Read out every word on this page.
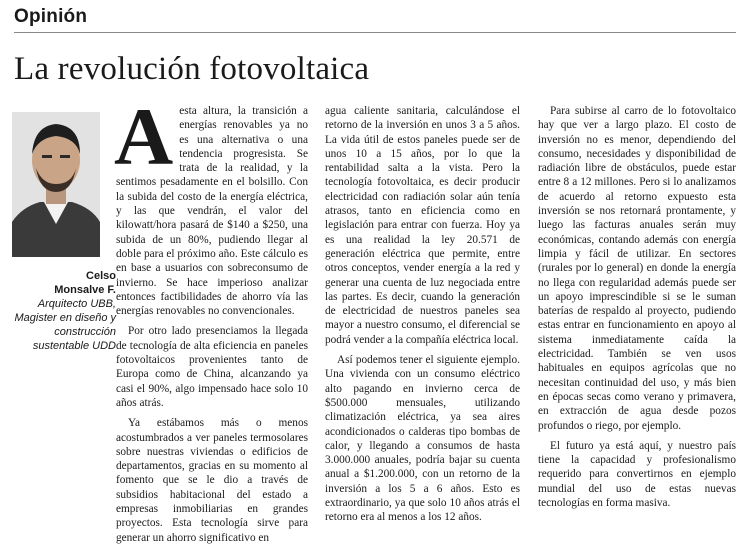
Opinión
La revolución fotovoltaica
Celso
Monsalve F.
Arquitecto UBB, Magister en diseño y construcción sustentable UDD

Aesta altura, la transición a energías renovables ya no es una alternativa o una tendencia progresista. Se trata de la realidad, y la sentimos pesadamente en el bolsillo. Con la subida del costo de la energía eléctrica, y las que vendrán, el valor del kilowatt/hora pasará de $140 a $250, una subida de un 80%, pudiendo llegar al doble para el próximo año. Este cálculo es en base a usuarios con sobreconsumo de invierno. Se hace imperioso analizar entonces factibilidades de ahorro vía las energías renovables no convencionales.

Por otro lado presenciamos la llegada de tecnología de alta eficiencia en paneles fotovoltaicos provenientes tanto de Europa como de China, alcanzando ya casi el 90%, algo impensado hace solo 10 años atrás.

Ya estábamos más o menos acostumbrados a ver paneles termosolares sobre nuestras viviendas o edificios de departamentos, gracias en su momento al fomento que se le dio a través de subsidios habitacional del estado a empresas inmobiliarias en grandes proyectos. Esta tecnología sirve para generar un ahorro significativo en

agua caliente sanitaria, calculándose el retorno de la inversión en unos 3 a 5 años. La vida útil de estos paneles puede ser de unos 10 a 15 años, por lo que la rentabilidad salta a la vista. Pero la tecnología fotovoltaica, es decir producir electricidad con radiación solar aún tenía atrasos, tanto en eficiencia como en legislación para entrar con fuerza. Hoy ya es una realidad la ley 20.571 de generación eléctrica que permite, entre otros conceptos, vender energía a la red y generar una cuenta de luz negociada entre las partes. Es decir, cuando la generación de electricidad de nuestros paneles sea mayor a nuestro consumo, el diferencial se podrá vender a la compañía eléctrica local.

Así podemos tener el siguiente ejemplo. Una vivienda con un consumo eléctrico alto pagando en invierno cerca de $500.000 mensuales, utilizando climatización eléctrica, ya sea aires acondicionados o calderas tipo bombas de calor, y llegando a consumos de hasta 3.000.000 anuales, podría bajar su cuenta anual a $1.200.000, con un retorno de la inversión a los 5 a 6 años. Esto es extraordinario, ya que solo 10 años atrás el retorno era al menos a los 12 años.

Para subirse al carro de lo fotovoltaico hay que ver a largo plazo. El costo de inversión no es menor, dependiendo del consumo, necesidades y disponibilidad de radiación libre de obstáculos, puede estar entre 8 a 12 millones. Pero si lo analizamos de acuerdo al retorno expuesto esta inversión se nos retornará prontamente, y luego las facturas anuales serán muy económicas, contando además con energía limpia y fácil de utilizar. En sectores (rurales por lo general) en donde la energía no llega con regularidad además puede ser un apoyo imprescindible si se le suman baterías de respaldo al proyecto, pudiendo estas entrar en funcionamiento en apoyo al sistema inmediatamente caída la electricidad. También se ven usos habituales en equipos agrícolas que no necesitan continuidad del uso, y más bien en épocas secas como verano y primavera, en extracción de agua desde pozos profundos o riego, por ejemplo.

El futuro ya está aquí, y nuestro país tiene la capacidad y profesionalismo requerido para convertirnos en ejemplo mundial del uso de estas nuevas tecnologías en forma masiva.
